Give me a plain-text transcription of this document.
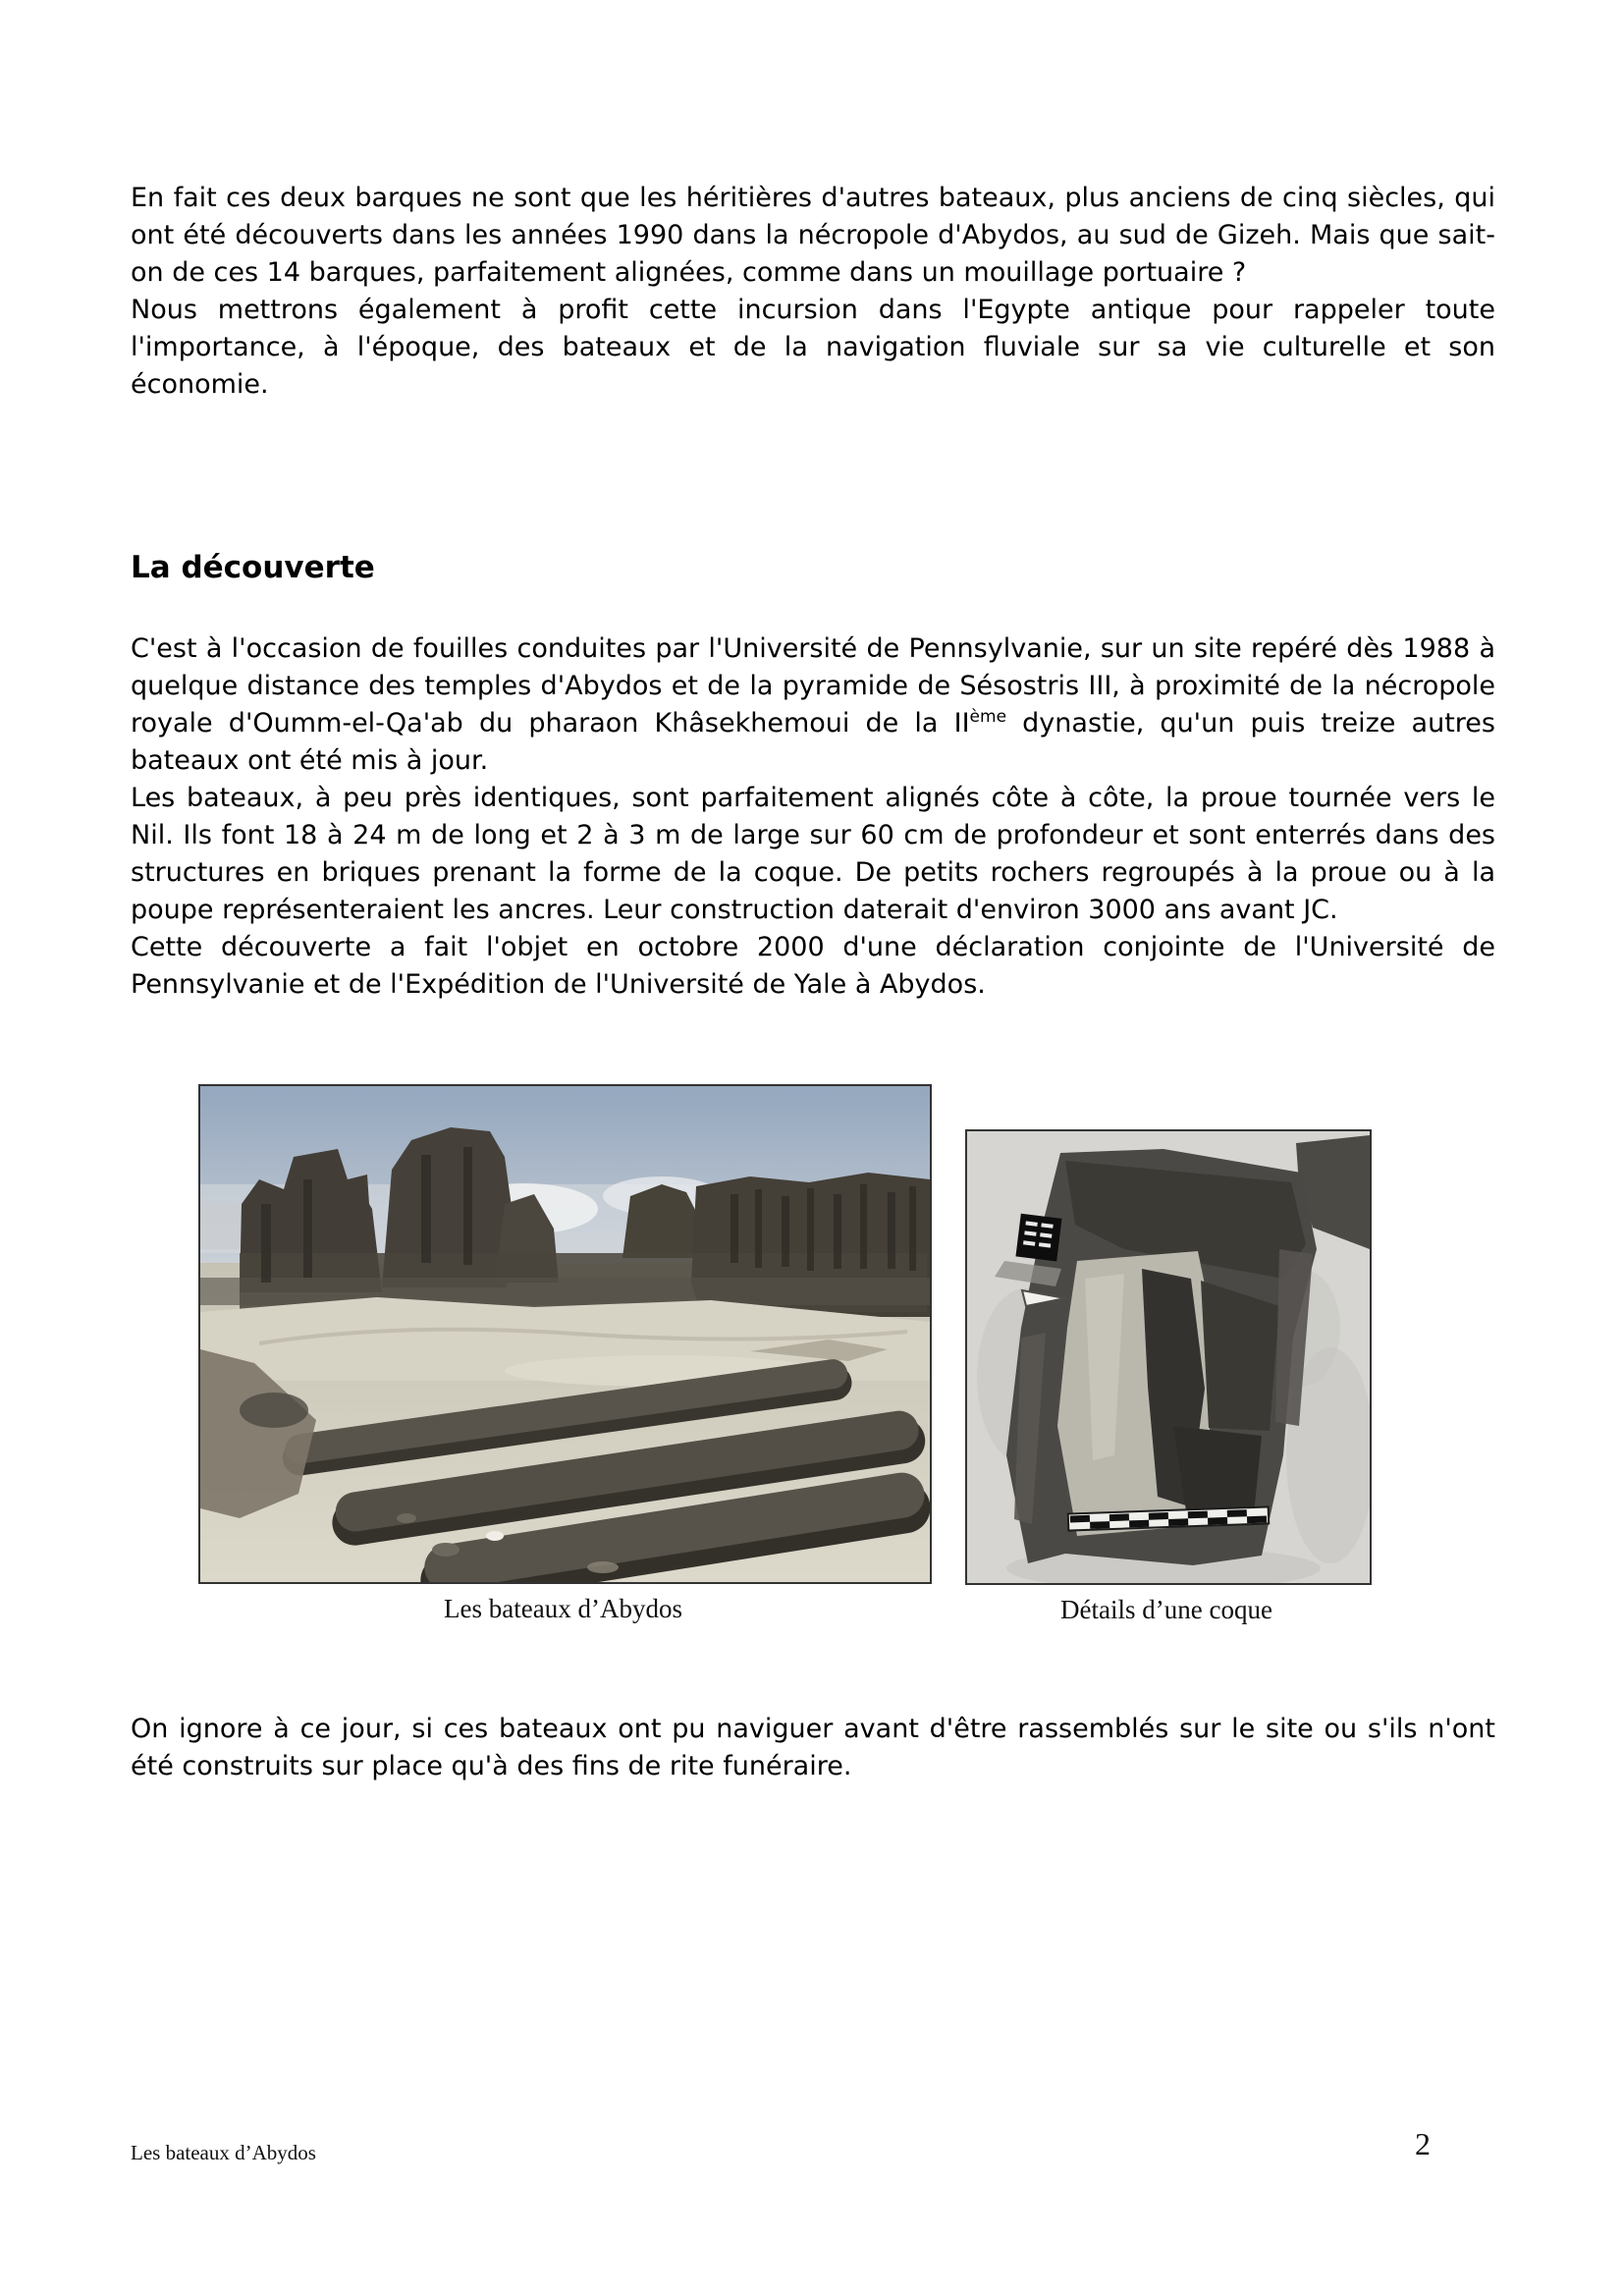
En fait ces deux barques ne sont que les héritières d'autres bateaux, plus anciens de cinq siècles, qui ont été découverts dans les années 1990 dans la nécropole d'Abydos, au sud de Gizeh. Mais que sait-on de ces 14 barques, parfaitement alignées, comme dans un mouillage portuaire ?

Nous mettrons également à profit cette incursion dans l'Egypte antique pour rappeler toute l'importance, à l'époque, des bateaux et de la navigation fluviale sur sa vie culturelle et son économie.

La découverte

C'est à l'occasion de fouilles conduites par l'Université de Pennsylvanie, sur un site repéré dès 1988 à quelque distance des temples d'Abydos et de la pyramide de Sésostris III, à proximité de la nécropole royale d'Oumm-el-Qa'ab du pharaon Khâsekhemoui de la IIème dynastie, qu'un puis treize autres bateaux ont été mis à jour.

Les bateaux, à peu près identiques, sont parfaitement alignés côte à côte, la proue tournée vers le Nil. Ils font 18 à 24 m de long et 2 à 3 m de large sur 60 cm de profondeur et sont enterrés dans des structures en briques prenant la forme de la coque. De petits rochers regroupés à la proue ou à la poupe représenteraient les ancres. Leur construction daterait d'environ 3000 ans avant JC.

Cette découverte a fait l'objet en octobre 2000 d'une déclaration conjointe de l'Université de Pennsylvanie et de l'Expédition de l'Université de Yale à Abydos.

Les bateaux d’Abydos	Détails d’une coque

On ignore à ce jour, si ces bateaux ont pu naviguer avant d'être rassemblés sur le site ou s'ils n'ont été construits sur place qu'à des fins de rite funéraire.

Les bateaux d’Abydos	2
